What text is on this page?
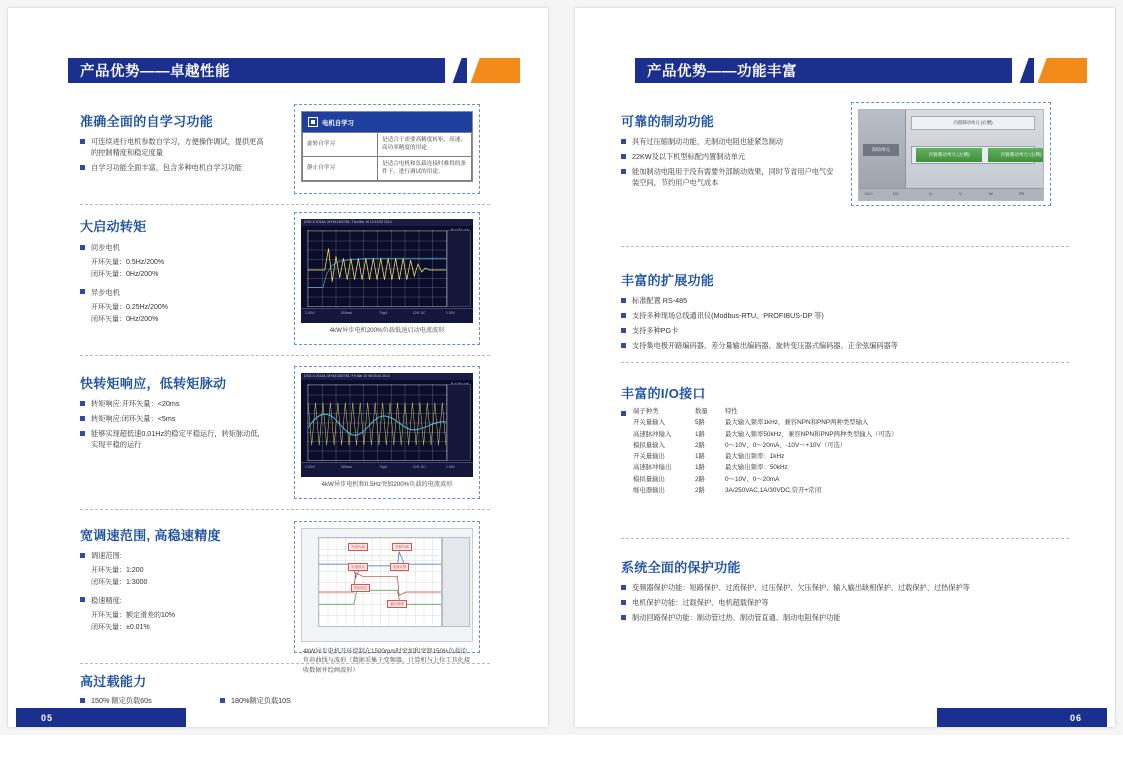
产品优势——卓越性能
准确全面的自学习功能
可连续进行电机参数自学习，方便操作调试，提供更高的控制精度和稳定度量
自学习功能全面丰富，包含多种电机自学习功能
电机自学习
旋转自学习	是适合于需要高精度转矩、高速、高功率精度的用途
静止自学习	是适合电机和负载连接时难得的条件下，进行调试的用途。
大启动转矩
同步电机
开环矢量：0.5Hz/200%
闭环矢量：0Hz/200%
异步电机
开环矢量：0.25Hz/200%
闭环矢量：0Hz/200%
DSO-X 2014A, MY5413027B1: Thu Mar 16 13:13:52 2014
2.00V/	500ms/	Trig'd	CH1 DC	1.00V
4kW异步电机200%负载低速启动电流波形
快转矩响应，低转矩脉动
转矩响应:开环矢量：<20ms
转矩响应:闭环矢量：<5ms
能够实现超低速0.01Hz的稳定平稳运行，转矩脉动低，实现平稳的运行
DSO-X 2014A, MY5413027B1: Fri Mar 10 08:03:10 2014
2.00V/	500ms/	Trig'd	CH1 DC	1.00V
4kW异步电机和0.5Hz突加200%负载的电流波形
宽调速范围, 高稳速精度
调速范围:
开环矢量：1:200
闭环矢量：1:3000
稳速精度:
开环矢量：额定滑差的10%
闭环矢量：±0.01%
突加负载	突卸负载
转速波动	电流反馈
转矩给定
输出频率
4kW异步电机开环控制在1500rpm时突加和突卸150%负载的负荷曲线与波形（数据采集于变频器，计算机与上位工具化接收数据并绘画波形）
高过载能力
150% 额定负载60s	180%额定负载10S
05
产品优势——功能丰富
可靠的制动功能
具有过压缩制动功能，无制动电阻也能紧急制动
22KW及以下机型标配内置制动单元
能加制动电阻用于没有需要外部制动效果，同时节省用户电气安装空间，节约用户电气成本
制动单元
内置制动单元 (右侧)
内置制动单元 (左侧)	内置制动单元 (右侧)
DC+	DC-	U	V	W	PE
丰富的扩展功能
标准配置 RS-485
支持多种现场总线通讯仪(Modbus-RTU、PROFIBUS-DP 等)
支持多种PG卡
支持集电极开路编码器、差分量输出编码器、旋转变压器式编码器、正余弦编码器等
丰富的I/O接口

端子种类	数量	特性
开关量输入	5路	最大输入频率1kHz，兼容NPN和PNP两种类型输入
高速脉冲输入	1路	最大输入频率50kHz，兼容NPN和PNP两种类型输入（可选）
模拟量输入	2路	0～10V、0～20mA、-10V～+10V（可选）
开关量输出	1路	最大输出频率：1kHz
高速脉冲输出	1路	最大输出频率：50kHz
模拟量输出	2路	0～10V、0～20mA
继电器输出	2路	3A/250VAC,1A/30VDC,常开+常闭
系统全面的保护功能
变频器保护功能：短路保护、过流保护、过压保护、欠压保护、输入输出缺相保护、过载保护、过热保护等
电机保护功能：过载保护、电机超载保护等
制动回路保护功能：制动管过热、制动管直通、制动电阻保护功能
06
